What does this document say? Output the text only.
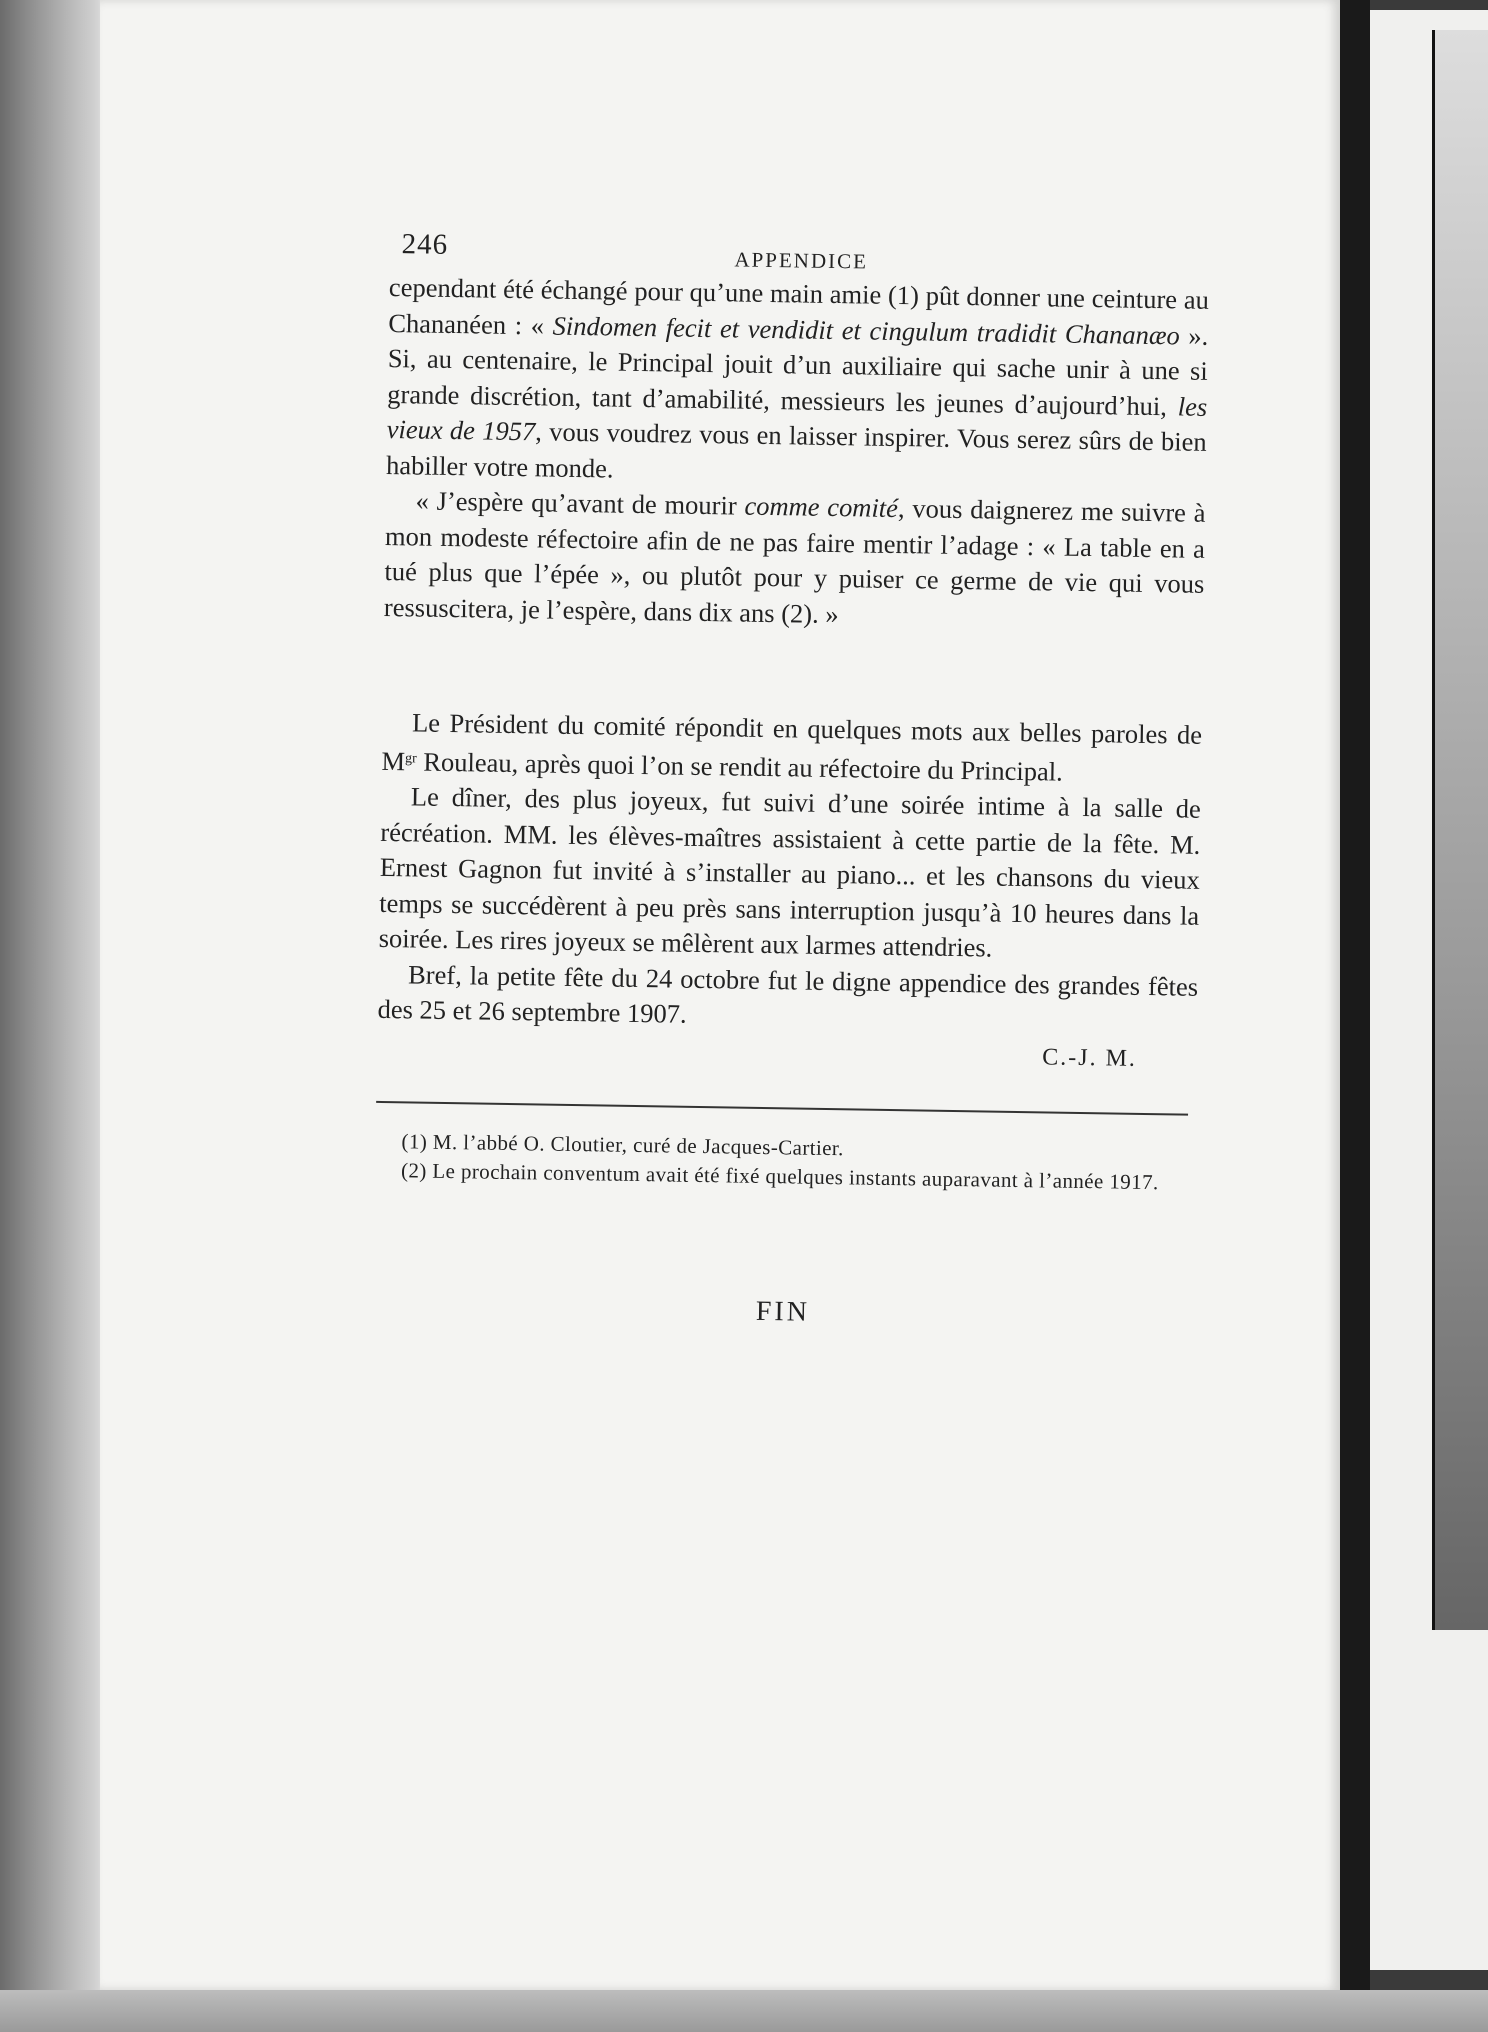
246	APPENDICE

cependant été échangé pour qu’une main amie (1) pût donner une ceinture au Chananéen : « Sindomen fecit et vendidit et cingulum tradidit Chananæo ». Si, au centenaire, le Principal jouit d’un auxiliaire qui sache unir à une si grande discrétion, tant d’amabilité, messieurs les jeunes d’aujourd’hui, les vieux de 1957, vous voudrez vous en laisser inspirer. Vous serez sûrs de bien habiller votre monde.

« J’espère qu’avant de mourir comme comité, vous daignerez me suivre à mon modeste réfectoire afin de ne pas faire mentir l’adage : « La table en a tué plus que l’épée », ou plutôt pour y puiser ce germe de vie qui vous ressuscitera, je l’espère, dans dix ans (2). »

Le Président du comité répondit en quelques mots aux belles paroles de $M^{gr}$ Rouleau, après quoi l’on se rendit au réfectoire du Principal.

Le dîner, des plus joyeux, fut suivi d’une soirée intime à la salle de récréation. MM. les élèves-maîtres assistaient à cette partie de la fête. M. Ernest Gagnon fut invité à s’installer au piano... et les chansons du vieux temps se succédèrent à peu près sans interruption jusqu’à 10 heures dans la soirée. Les rires joyeux se mêlèrent aux larmes attendries.

Bref, la petite fête du 24 octobre fut le digne appendice des grandes fêtes des 25 et 26 septembre 1907.

C.-J. M.

(1) M. l’abbé O. Cloutier, curé de Jacques-Cartier.

(2) Le prochain conventum avait été fixé quelques instants auparavant à l’année 1917.

FIN
